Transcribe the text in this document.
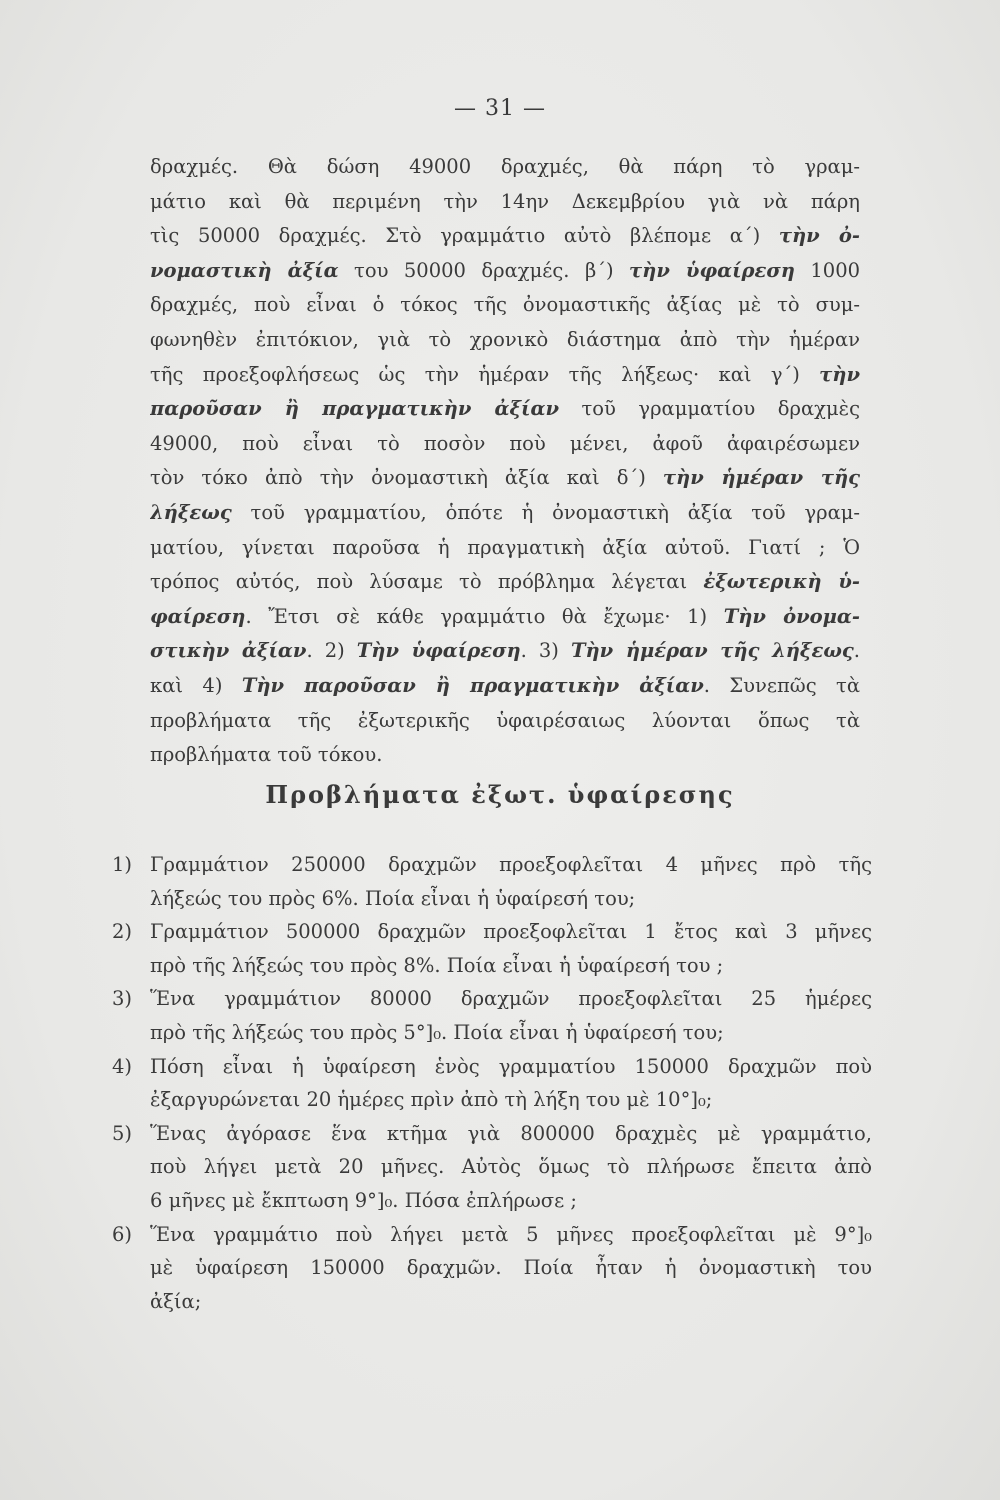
— 31 —
δραχμές. Θὰ δώση 49000 δραχμές, θὰ πάρη τὸ γραμ-
μάτιο καὶ θὰ περιμένη τὴν 14ην Δεκεμβρίου γιὰ νὰ πάρη
τὶς 50000 δραχμές. Στὸ γραμμάτιο αὐτὸ βλέπομε α΄) τὴν ὀ-
νομαστικὴ ἀξία του 50000 δραχμές. β΄) τὴν ὑφαίρεση 1000
δραχμές, ποὺ εἶναι ὁ τόκος τῆς ὀνομαστικῆς ἀξίας μὲ τὸ συμ-
φωνηθὲν ἐπιτόκιον, γιὰ τὸ χρονικὸ διάστημα ἀπὸ τὴν ἡμέραν
τῆς προεξοφλήσεως ὡς τὴν ἡμέραν τῆς λήξεως· καὶ γ΄) τὴν
παροῦσαν ἢ πραγματικὴν ἀξίαν τοῦ γραμματίου δραχμὲς
49000, ποὺ εἶναι τὸ ποσὸν ποὺ μένει, ἀφοῦ ἀφαιρέσωμεν
τὸν τόκο ἀπὸ τὴν ὀνομαστικὴ ἀξία καὶ δ΄) τὴν ἡμέραν τῆς
λήξεως τοῦ γραμματίου, ὁπότε ἡ ὀνομαστικὴ ἀξία τοῦ γραμ-
ματίου, γίνεται παροῦσα ἡ πραγματικὴ ἀξία αὐτοῦ. Γιατί ; Ὁ
τρόπος αὐτός, ποὺ λύσαμε τὸ πρόβλημα λέγεται ἐξωτερικὴ ὑ-
φαίρεση. Ἔτσι σὲ κάθε γραμμάτιο θὰ ἔχωμε· 1) Τὴν ὀνομα-
στικὴν ἀξίαν. 2) Τὴν ὑφαίρεση. 3) Τὴν ἡμέραν τῆς λήξεως.
καὶ 4) Τὴν παροῦσαν ἢ πραγματικὴν ἀξίαν. Συνεπῶς τὰ
προβλήματα τῆς ἐξωτερικῆς ὑφαιρέσαιως λύονται ὅπως τὰ
προβλήματα τοῦ τόκου.
Προβλήματα ἐξωτ. ὑφαίρεσης
1) Γραμμάτιον 250000 δραχμῶν προεξοφλεῖται 4 μῆνες πρὸ τῆς
λήξεώς του πρὸς 6%. Ποία εἶναι ἡ ὑφαίρεσή του;
2) Γραμμάτιον 500000 δραχμῶν προεξοφλεῖται 1 ἔτος καὶ 3 μῆνες
πρὸ τῆς λήξεώς του πρὸς 8%. Ποία εἶναι ἡ ὑφαίρεσή του ;
3) Ἕνα γραμμάτιον 80000 δραχμῶν προεξοφλεῖται 25 ἡμέρες
πρὸ τῆς λήξεώς του πρὸς 5°]₀. Ποία εἶναι ἡ ὑφαίρεσή του;
4) Πόση εἶναι ἡ ὑφαίρεση ἑνὸς γραμματίου 150000 δραχμῶν ποὺ
ἐξαργυρώνεται 20 ἡμέρες πρὶν ἀπὸ τὴ λήξη του μὲ 10°]₀;
5) Ἕνας ἀγόρασε ἕνα κτῆμα γιὰ 800000 δραχμὲς μὲ γραμμάτιο,
ποὺ λήγει μετὰ 20 μῆνες. Αὐτὸς ὅμως τὸ πλήρωσε ἔπειτα ἀπὸ
6 μῆνες μὲ ἔκπτωση 9°]₀. Πόσα ἐπλήρωσε ;
6) Ἕνα γραμμάτιο ποὺ λήγει μετὰ 5 μῆνες προεξοφλεῖται μὲ 9°]₀
μὲ ὑφαίρεση 150000 δραχμῶν. Ποία ἦταν ἡ ὀνομαστικὴ του
ἀξία;
